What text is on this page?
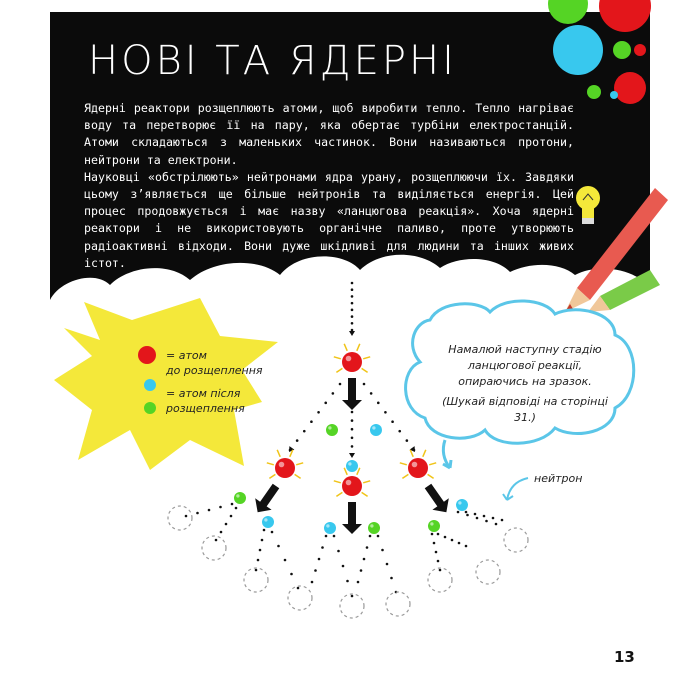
НОВІ ТА ЯДЕРНІ

Ядерні реактори розщеплюють атоми, щоб виробити тепло. Тепло нагріває воду та перетворює її на пару, яка обертає турбіни електростанцій. Атоми складаються з маленьких частинок. Вони називаються протони, нейтрони та електрони.

Науковці «обстрілюють» нейтронами ядра урану, розщеплюючи їх. Завдяки цьому з’являється ще більше нейтронів та виділяється енергія. Цей процес продовжується і має назву «ланцюгова реакція». Хоча ядерні реактори і не використовують органічне паливо, проте утворюють радіоактивні відходи. Вони дуже шкідливі для людини та інших живих істот.

= атом
до розщеплення
= атом після
розщеплення
Намалюй наступну стадію ланцюгової реакції, опираючись на зразок.
(Шукай відповіді на сторінці 31.)
нейтрон
13
